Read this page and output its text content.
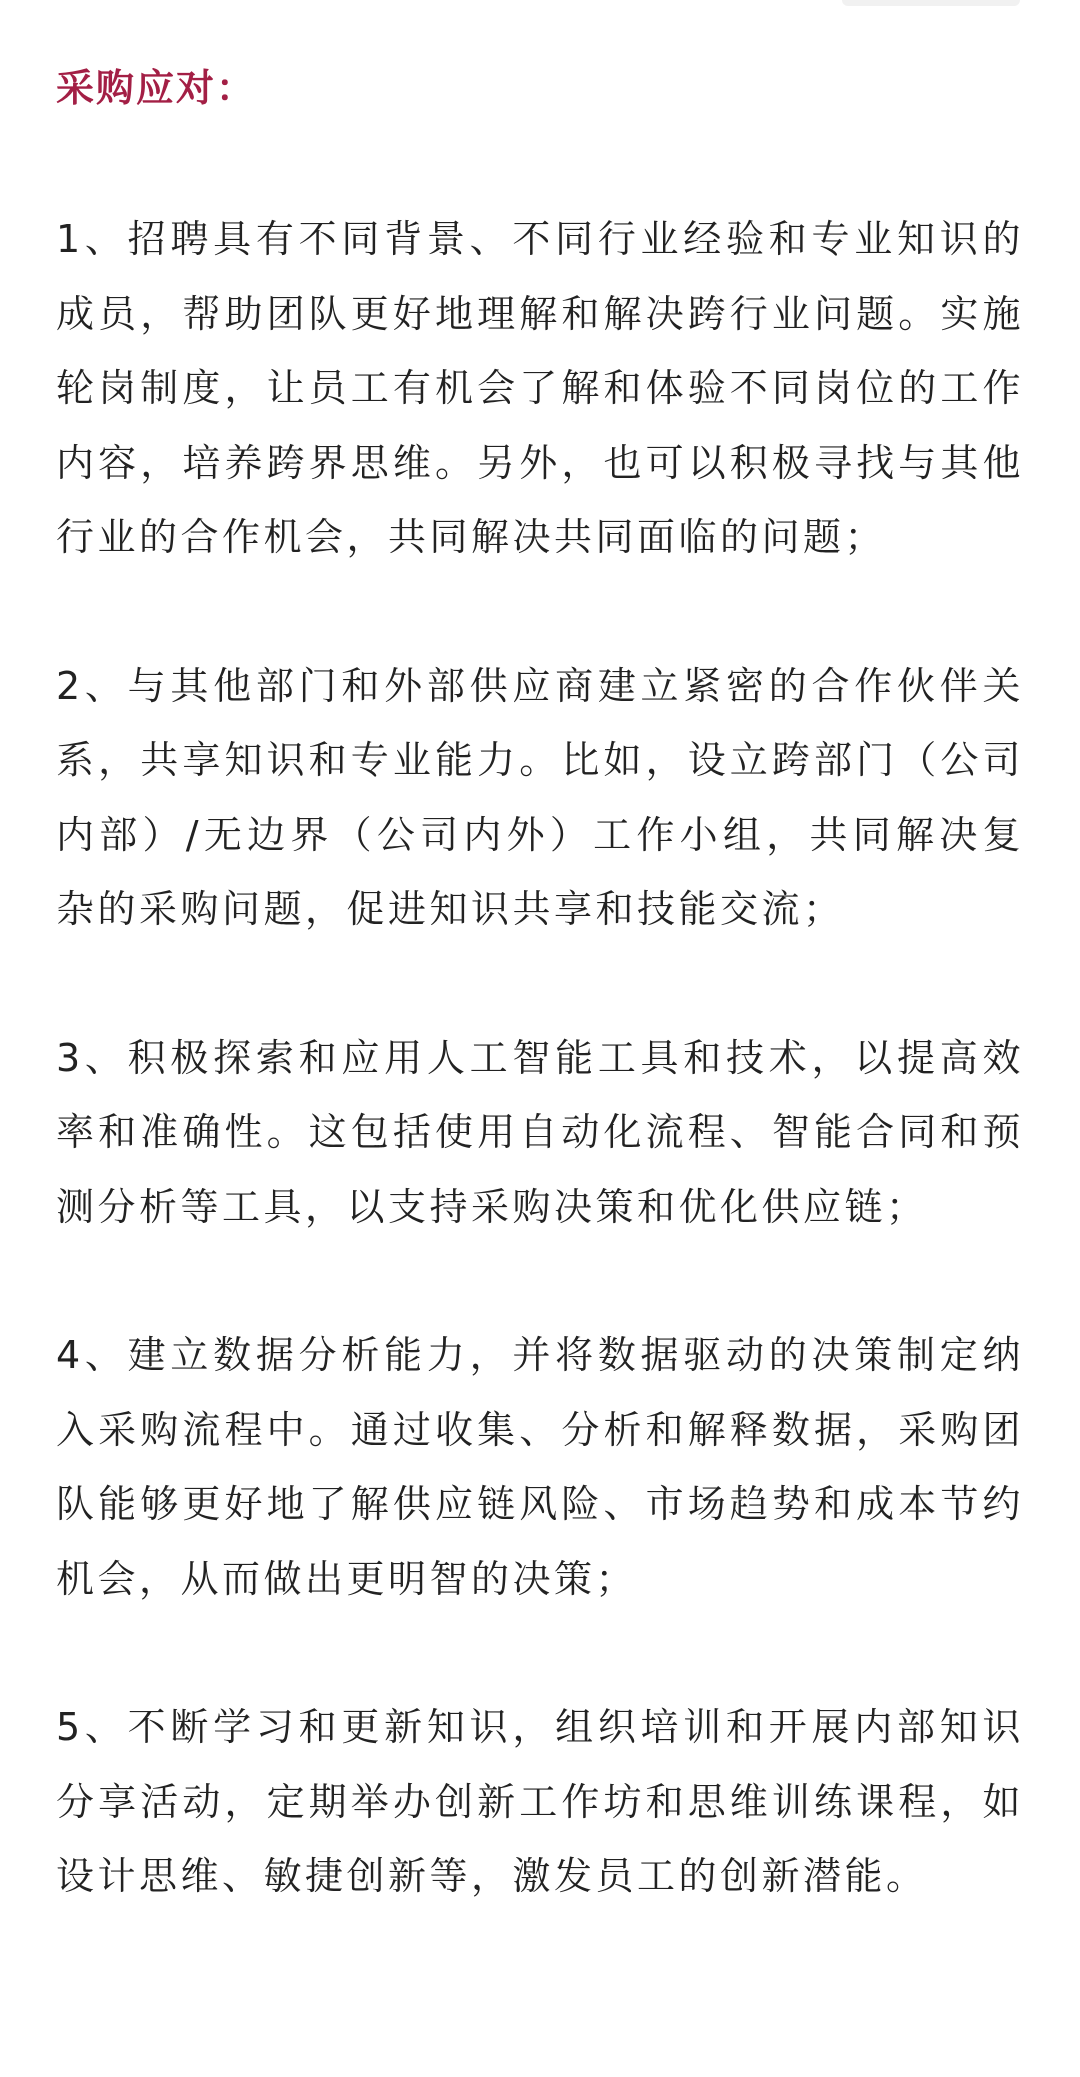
采购应对：

1、招聘具有不同背景、不同行业经验和专业知识的成员，帮助团队更好地理解和解决跨行业问题。实施轮岗制度，让员工有机会了解和体验不同岗位的工作内容，培养跨界思维。另外，也可以积极寻找与其他行业的合作机会，共同解决共同面临的问题；

2、与其他部门和外部供应商建立紧密的合作伙伴关系，共享知识和专业能力。比如，设立跨部门（公司内部）/无边界（公司内外）工作小组，共同解决复杂的采购问题，促进知识共享和技能交流；

3、积极探索和应用人工智能工具和技术，以提高效率和准确性。这包括使用自动化流程、智能合同和预测分析等工具，以支持采购决策和优化供应链；

4、建立数据分析能力，并将数据驱动的决策制定纳入采购流程中。通过收集、分析和解释数据，采购团队能够更好地了解供应链风险、市场趋势和成本节约机会，从而做出更明智的决策；

5、不断学习和更新知识，组织培训和开展内部知识分享活动，定期举办创新工作坊和思维训练课程，如设计思维、敏捷创新等，激发员工的创新潜能。
